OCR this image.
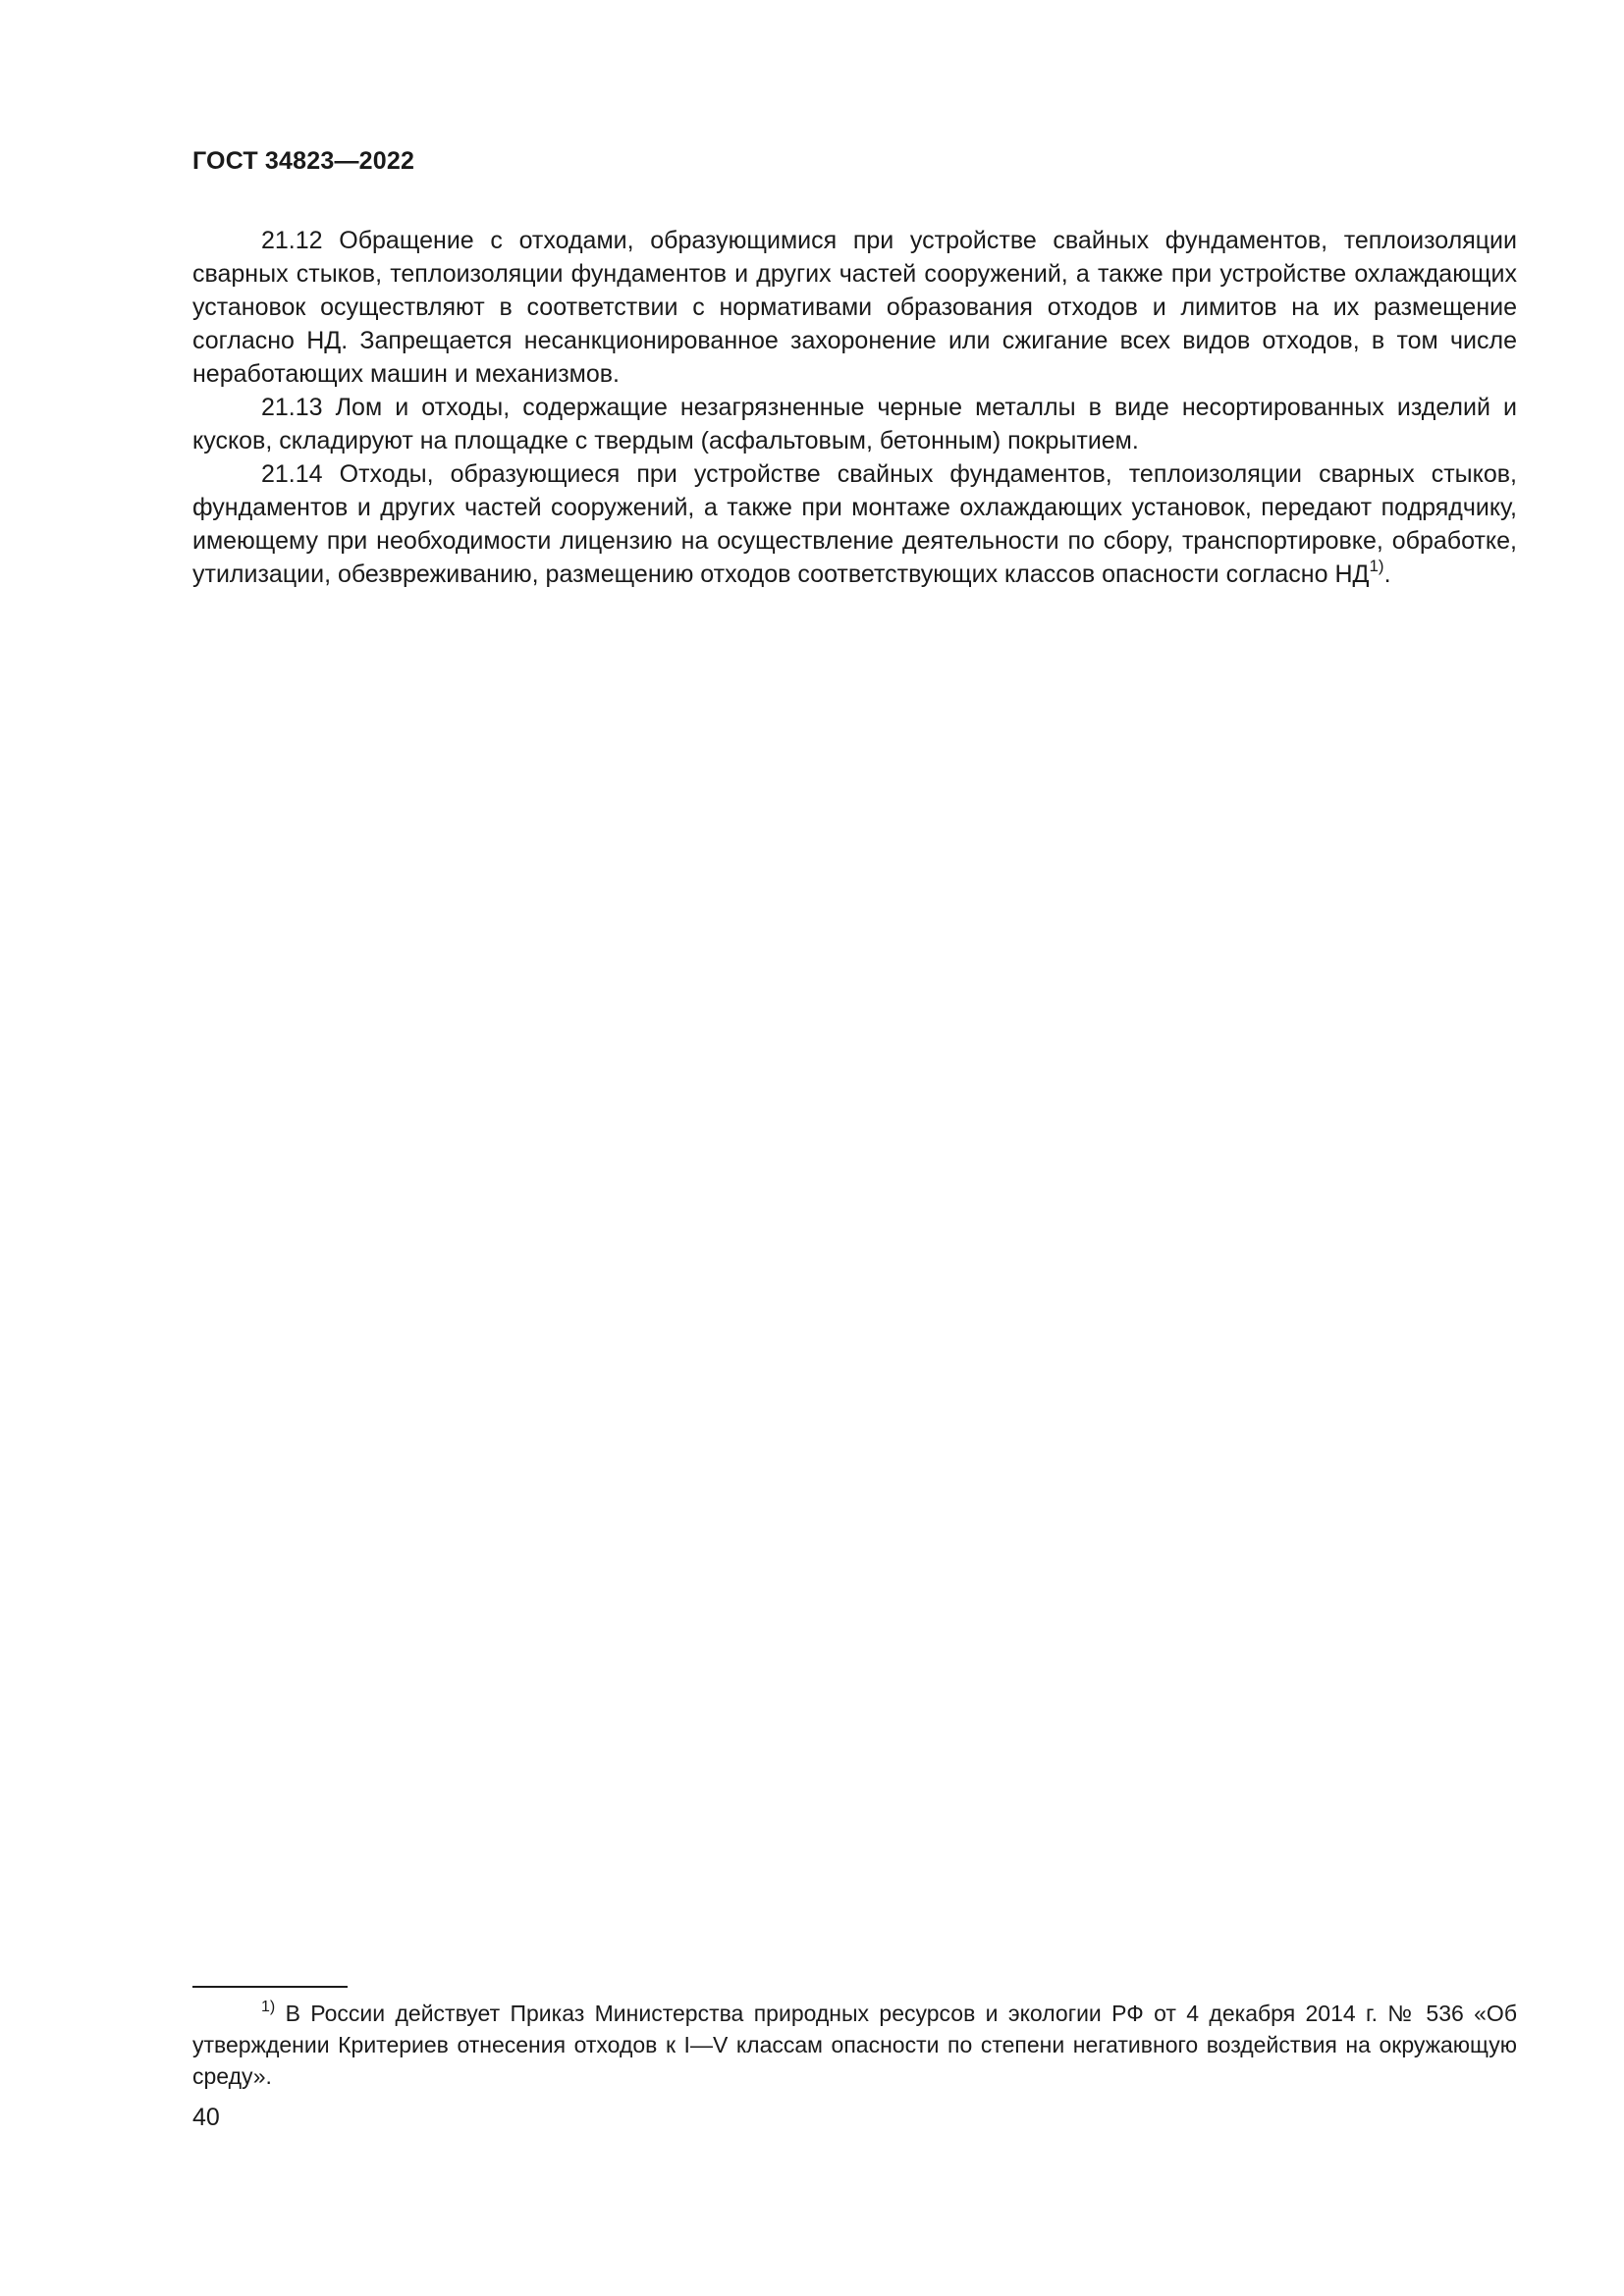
ГОСТ 34823—2022

21.12 Обращение с отходами, образующимися при устройстве свайных фундаментов, теплоизоляции сварных стыков, теплоизоляции фундаментов и других частей сооружений, а также при устройстве охлаждающих установок осуществляют в соответствии с нормативами образования отходов и лимитов на их размещение согласно НД. Запрещается несанкционированное захоронение или сжигание всех видов отходов, в том числе неработающих машин и механизмов.

21.13 Лом и отходы, содержащие незагрязненные черные металлы в виде несортированных изделий и кусков, складируют на площадке с твердым (асфальтовым, бетонным) покрытием.

21.14 Отходы, образующиеся при устройстве свайных фундаментов, теплоизоляции сварных стыков, фундаментов и других частей сооружений, а также при монтаже охлаждающих установок, передают подрядчику, имеющему при необходимости лицензию на осуществление деятельности по сбору, транспортировке, обработке, утилизации, обезвреживанию, размещению отходов соответствующих классов опасности согласно НД$^{1)}$.

$^{1)}$ В России действует Приказ Министерства природных ресурсов и экологии РФ от 4 декабря 2014 г. № 536 «Об утверждении Критериев отнесения отходов к I—V классам опасности по степени негативного воздействия на окружающую среду».

40
